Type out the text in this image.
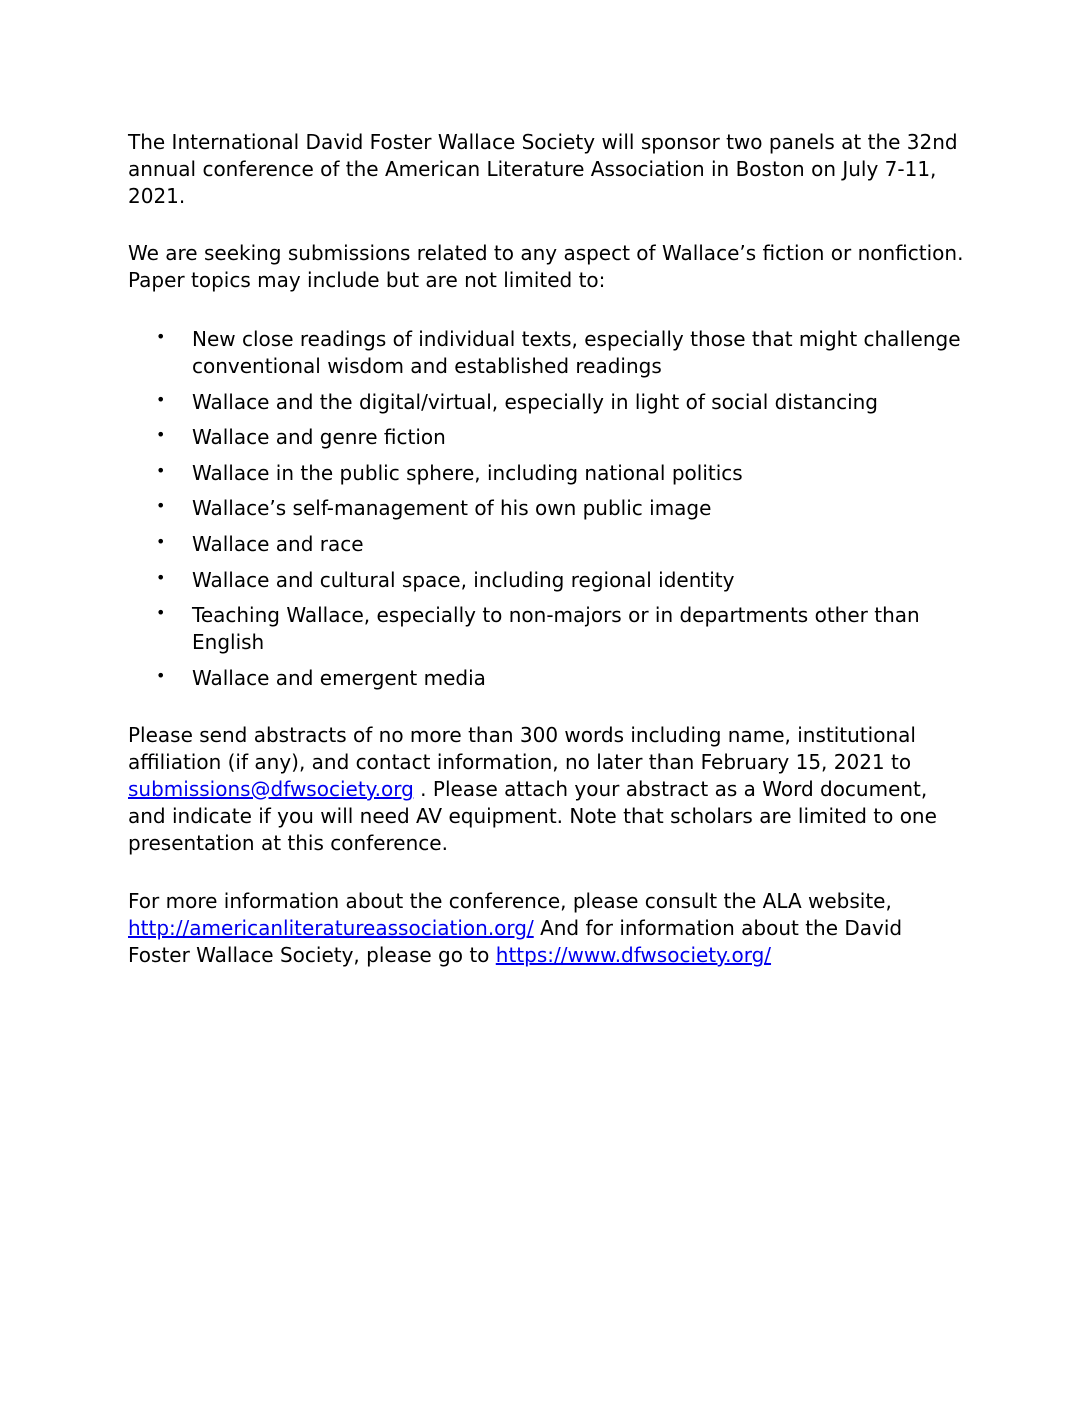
The International David Foster Wallace Society will sponsor two panels at the 32nd annual conference of the American Literature Association in Boston on July 7-11, 2021.

We are seeking submissions related to any aspect of Wallace’s fiction or nonfiction. Paper topics may include but are not limited to:

• New close readings of individual texts, especially those that might challenge conventional wisdom and established readings
• Wallace and the digital/virtual, especially in light of social distancing
• Wallace and genre fiction
• Wallace in the public sphere, including national politics
• Wallace’s self-management of his own public image
• Wallace and race
• Wallace and cultural space, including regional identity
• Teaching Wallace, especially to non-majors or in departments other than English
• Wallace and emergent media

Please send abstracts of no more than 300 words including name, institutional affiliation (if any), and contact information, no later than February 15, 2021 to submissions@dfwsociety.org . Please attach your abstract as a Word document, and indicate if you will need AV equipment. Note that scholars are limited to one presentation at this conference.

For more information about the conference, please consult the ALA website, http://americanliteratureassociation.org/ And for information about the David Foster Wallace Society, please go to https://www.dfwsociety.org/
